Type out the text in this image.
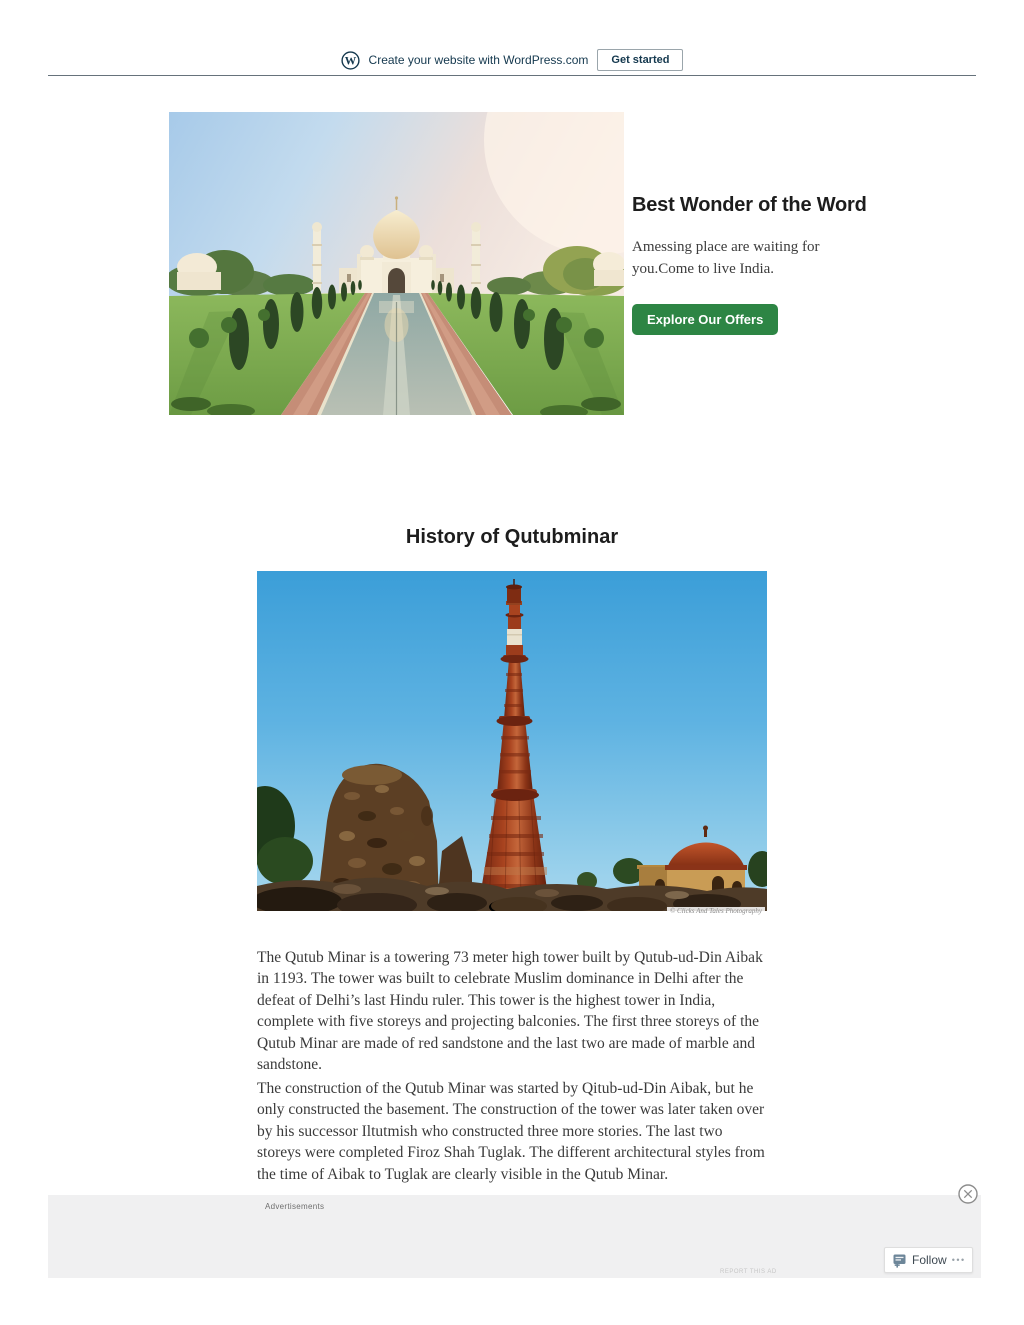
W Create your website with WordPress.com	Get started
Best Wonder of the Word
Amessing place are waiting for you.Come to live India.
Explore Our Offers
History of Qutubminar
© Clicks And Tales Photography

The Qutub Minar is a towering 73 meter high tower built by Qutub-ud-Din Aibak in 1193. The tower was built to celebrate Muslim dominance in Delhi after the defeat of Delhi’s last Hindu ruler. This tower is the highest tower in India, complete with five storeys and projecting balconies. The first three storeys of the Qutub Minar are made of red sandstone and the last two are made of marble and sandstone.

The construction of the Qutub Minar was started by Qitub-ud-Din Aibak, but he only constructed the basement. The construction of the tower was later taken over by his successor Iltutmish who constructed three more stories. The last two storeys were completed Firoz Shah Tuglak. The different architectural styles from the time of Aibak to Tuglak are clearly visible in the Qutub Minar.

Advertisements
REPORT THIS AD
Follow •••
